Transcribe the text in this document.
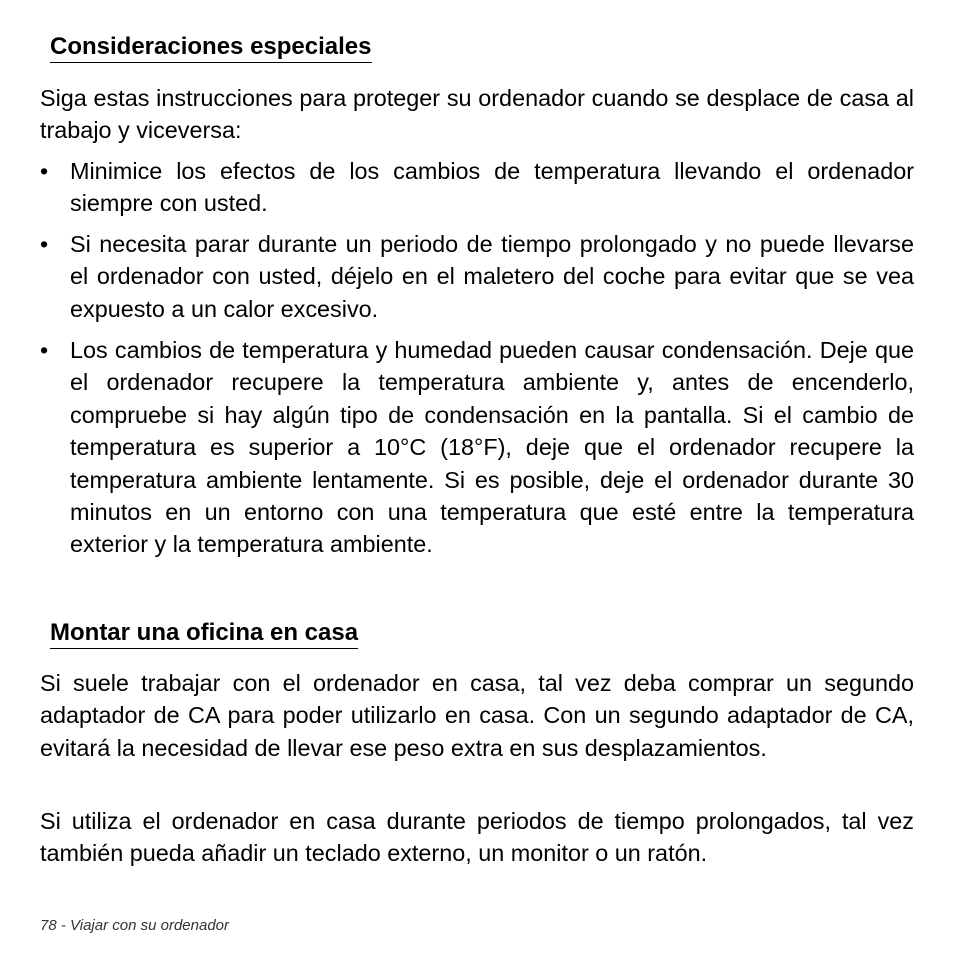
Consideraciones especiales

Siga estas instrucciones para proteger su ordenador cuando se desplace de casa al trabajo y viceversa:

• Minimice los efectos de los cambios de temperatura llevando el ordenador siempre con usted.

• Si necesita parar durante un periodo de tiempo prolongado y no puede llevarse el ordenador con usted, déjelo en el maletero del coche para evitar que se vea expuesto a un calor excesivo.

• Los cambios de temperatura y humedad pueden causar condensación. Deje que el ordenador recupere la temperatura ambiente y, antes de encenderlo, compruebe si hay algún tipo de condensación en la pantalla. Si el cambio de temperatura es superior a 10°C (18°F), deje que el ordenador recupere la temperatura ambiente lentamente. Si es posible, deje el ordenador durante 30 minutos en un entorno con una temperatura que esté entre la temperatura exterior y la temperatura ambiente.

Montar una oficina en casa

Si suele trabajar con el ordenador en casa, tal vez deba comprar un segundo adaptador de CA para poder utilizarlo en casa. Con un segundo adaptador de CA, evitará la necesidad de llevar ese peso extra en sus desplazamientos.

Si utiliza el ordenador en casa durante periodos de tiempo prolongados, tal vez también pueda añadir un teclado externo, un monitor o un ratón.

78 - Viajar con su ordenador
